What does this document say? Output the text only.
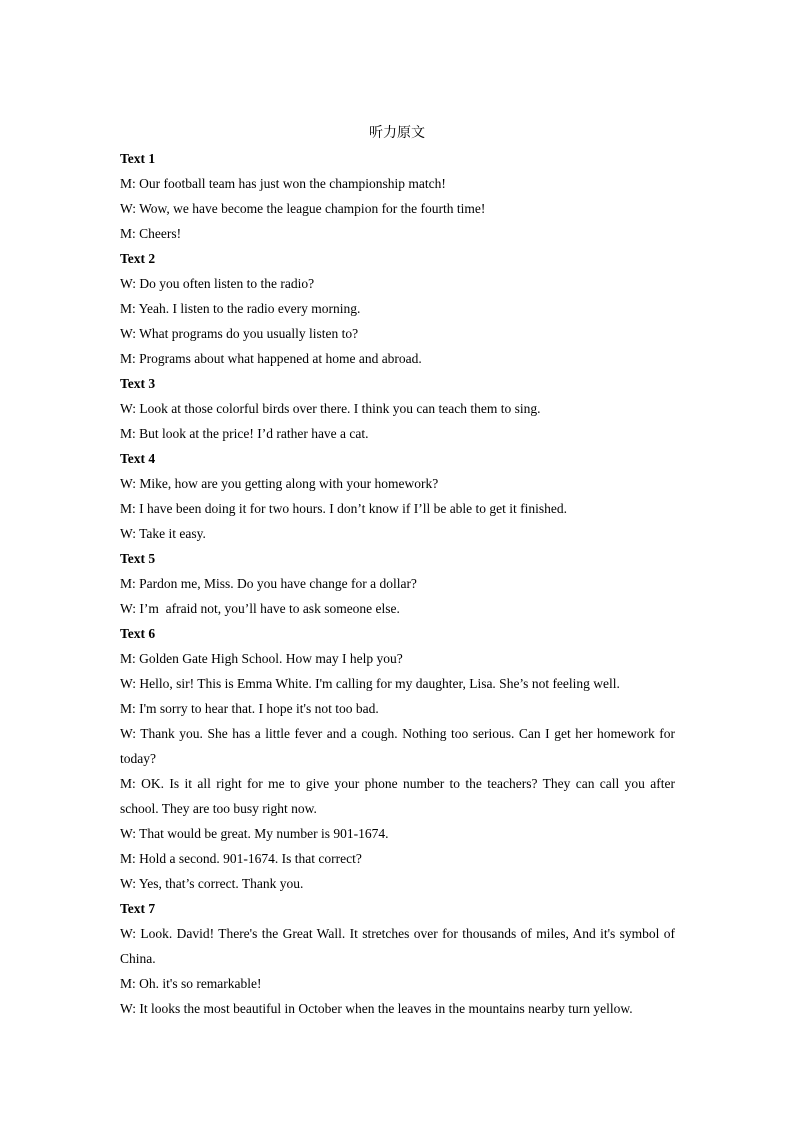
听力原文
Text 1
M: Our football team has just won the championship match!
W: Wow, we have become the league champion for the fourth time!
M: Cheers!
Text 2
W: Do you often listen to the radio?
M: Yeah. I listen to the radio every morning.
W: What programs do you usually listen to?
M: Programs about what happened at home and abroad.
Text 3
W: Look at those colorful birds over there. I think you can teach them to sing.
M: But look at the price! I’d rather have a cat.
Text 4
W: Mike, how are you getting along with your homework?
M: I have been doing it for two hours. I don’t know if I’ll be able to get it finished.
W: Take it easy.
Text 5
M: Pardon me, Miss. Do you have change for a dollar?
W: I’m  afraid not, you’ll have to ask someone else.
Text 6
M: Golden Gate High School. How may I help you?
W: Hello, sir! This is Emma White. I'm calling for my daughter, Lisa. She’s not feeling well.
M: I'm sorry to hear that. I hope it's not too bad.
W: Thank you. She has a little fever and a cough. Nothing too serious. Can I get her homework for today?
M: OK. Is it all right for me to give your phone number to the teachers? They can call you after school. They are too busy right now.
W: That would be great. My number is 901-1674.
M: Hold a second. 901-1674. Is that correct?
W: Yes, that’s correct. Thank you.
Text 7
W: Look. David! There's the Great Wall. It stretches over for thousands of miles, And it's symbol of China.
M: Oh. it's so remarkable!
W: It looks the most beautiful in October when the leaves in the mountains nearby turn yellow.
